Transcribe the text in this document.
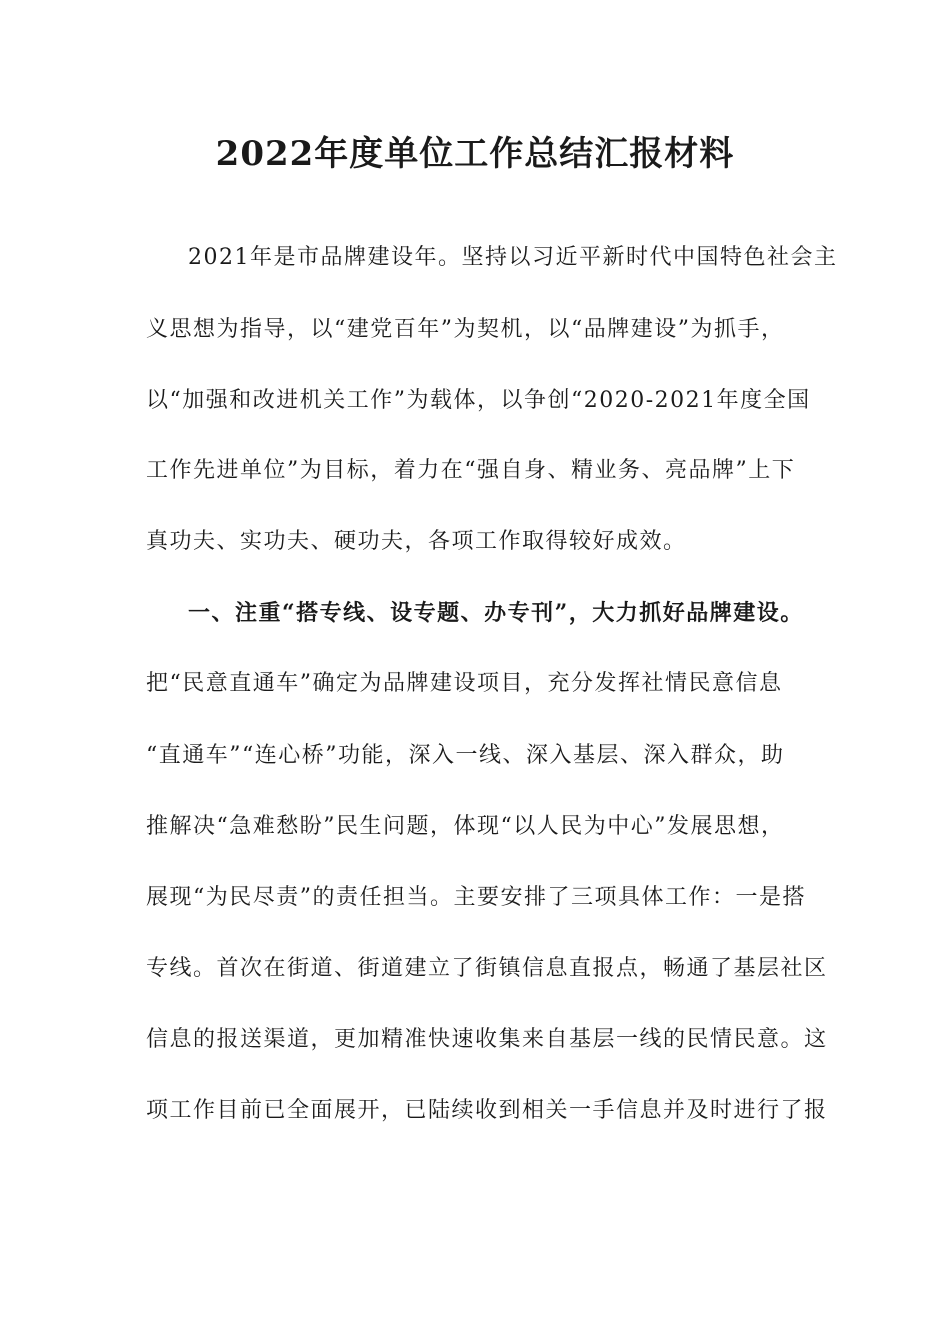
2022年度单位工作总结汇报材料
2021年是市品牌建设年。坚持以习近平新时代中国特色社会主
义思想为指导，以“建党百年”为契机，以“品牌建设”为抓手，
以“加强和改进机关工作”为载体，以争创“2020-2021年度全国
工作先进单位”为目标，着力在“强自身、精业务、亮品牌”上下
真功夫、实功夫、硬功夫，各项工作取得较好成效。
一、注重“搭专线、设专题、办专刊”，大力抓好品牌建设。
把“民意直通车”确定为品牌建设项目，充分发挥社情民意信息
“直通车”“连心桥”功能，深入一线、深入基层、深入群众，助
推解决“急难愁盼”民生问题，体现“以人民为中心”发展思想，
展现“为民尽责”的责任担当。主要安排了三项具体工作：一是搭
专线。首次在街道、街道建立了街镇信息直报点，畅通了基层社区
信息的报送渠道，更加精准快速收集来自基层一线的民情民意。这
项工作目前已全面展开，已陆续收到相关一手信息并及时进行了报
